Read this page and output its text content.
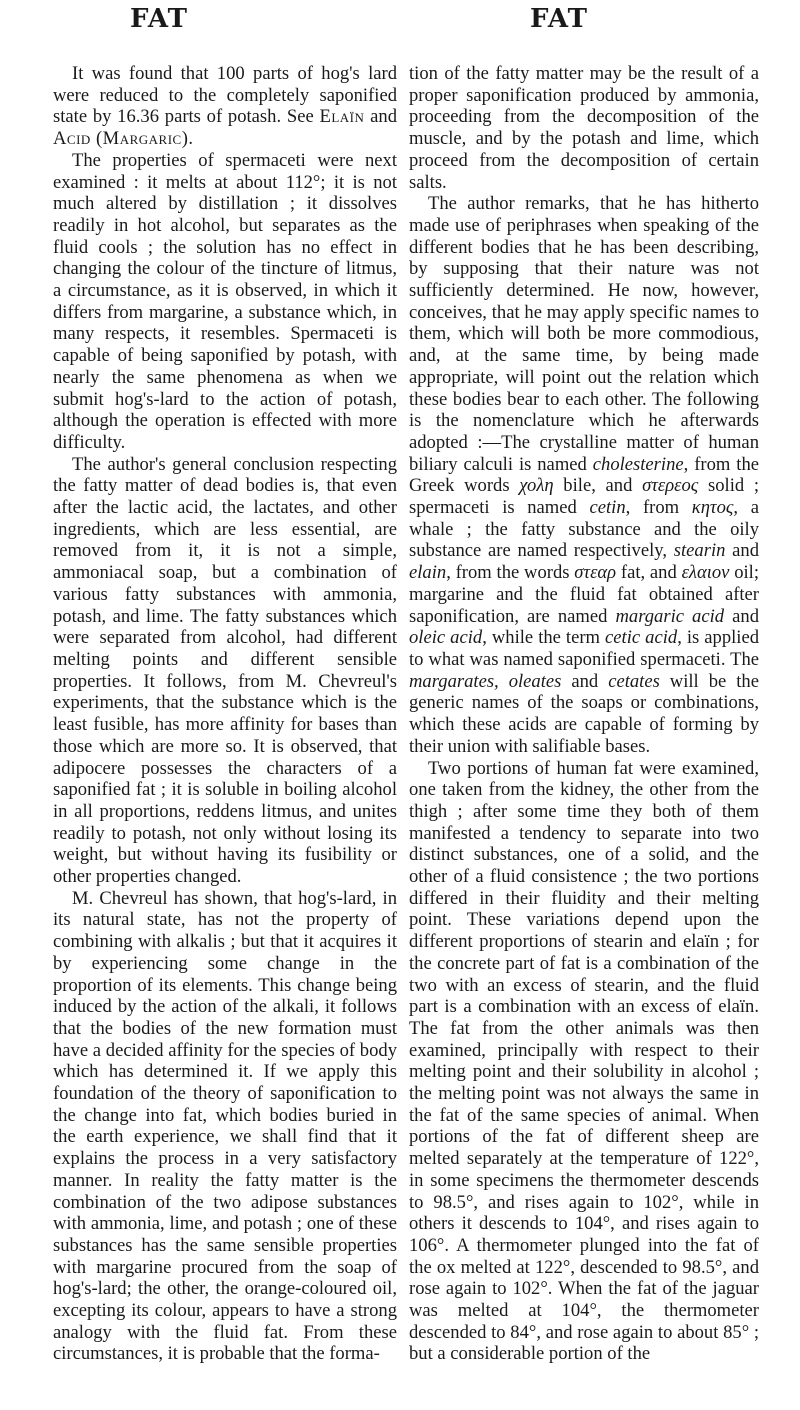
FAT	FAT

It was found that 100 parts of hog's lard were reduced to the completely saponified state by 16.36 parts of potash. See Elaïn and Acid (Margaric).

The properties of spermaceti were next examined : it melts at about 112°; it is not much altered by distillation ; it dissolves readily in hot alcohol, but separates as the fluid cools ; the solution has no effect in changing the colour of the tincture of litmus, a circumstance, as it is observed, in which it differs from margarine, a substance which, in many respects, it resembles. Spermaceti is capable of being saponified by potash, with nearly the same phenomena as when we submit hog's-lard to the action of potash, although the operation is effected with more difficulty.

The author's general conclusion respecting the fatty matter of dead bodies is, that even after the lactic acid, the lactates, and other ingredients, which are less essential, are removed from it, it is not a simple, ammoniacal soap, but a combination of various fatty substances with ammonia, potash, and lime. The fatty substances which were separated from alcohol, had different melting points and different sensible properties. It follows, from M. Chevreul's experiments, that the substance which is the least fusible, has more affinity for bases than those which are more so. It is observed, that adipocere possesses the characters of a saponified fat ; it is soluble in boiling alcohol in all proportions, reddens litmus, and unites readily to potash, not only without losing its weight, but without having its fusibility or other properties changed.

M. Chevreul has shown, that hog's-lard, in its natural state, has not the property of combining with alkalis ; but that it acquires it by experiencing some change in the proportion of its elements. This change being induced by the action of the alkali, it follows that the bodies of the new formation must have a decided affinity for the species of body which has determined it. If we apply this foundation of the theory of saponification to the change into fat, which bodies buried in the earth experience, we shall find that it explains the process in a very satisfactory manner. In reality the fatty matter is the combination of the two adipose substances with ammonia, lime, and potash ; one of these substances has the same sensible properties with margarine procured from the soap of hog's-lard; the other, the orange-coloured oil, excepting its colour, appears to have a strong analogy with the fluid fat. From these circumstances, it is probable that the forma-

tion of the fatty matter may be the result of a proper saponification produced by ammonia, proceeding from the decomposition of the muscle, and by the potash and lime, which proceed from the decomposition of certain salts.

The author remarks, that he has hitherto made use of periphrases when speaking of the different bodies that he has been describing, by supposing that their nature was not sufficiently determined. He now, however, conceives, that he may apply specific names to them, which will both be more commodious, and, at the same time, by being made appropriate, will point out the relation which these bodies bear to each other. The following is the nomenclature which he afterwards adopted :—The crystalline matter of human biliary calculi is named cholesterine, from the Greek words χολη bile, and στερεος solid ; spermaceti is named cetin, from κητος, a whale ; the fatty substance and the oily substance are named respectively, stearin and elain, from the words στεαρ fat, and ελαιον oil; margarine and the fluid fat obtained after saponification, are named margaric acid and oleic acid, while the term cetic acid, is applied to what was named saponified spermaceti. The margarates, oleates and cetates will be the generic names of the soaps or combinations, which these acids are capable of forming by their union with salifiable bases.

Two portions of human fat were examined, one taken from the kidney, the other from the thigh ; after some time they both of them manifested a tendency to separate into two distinct substances, one of a solid, and the other of a fluid consistence ; the two portions differed in their fluidity and their melting point. These variations depend upon the different proportions of stearin and elaïn ; for the concrete part of fat is a combination of the two with an excess of stearin, and the fluid part is a combination with an excess of elaïn. The fat from the other animals was then examined, principally with respect to their melting point and their solubility in alcohol ; the melting point was not always the same in the fat of the same species of animal. When portions of the fat of different sheep are melted separately at the temperature of 122°, in some specimens the thermometer descends to 98.5°, and rises again to 102°, while in others it descends to 104°, and rises again to 106°. A thermometer plunged into the fat of the ox melted at 122°, descended to 98.5°, and rose again to 102°. When the fat of the jaguar was melted at 104°, the thermometer descended to 84°, and rose again to about 85° ; but a considerable portion of the
